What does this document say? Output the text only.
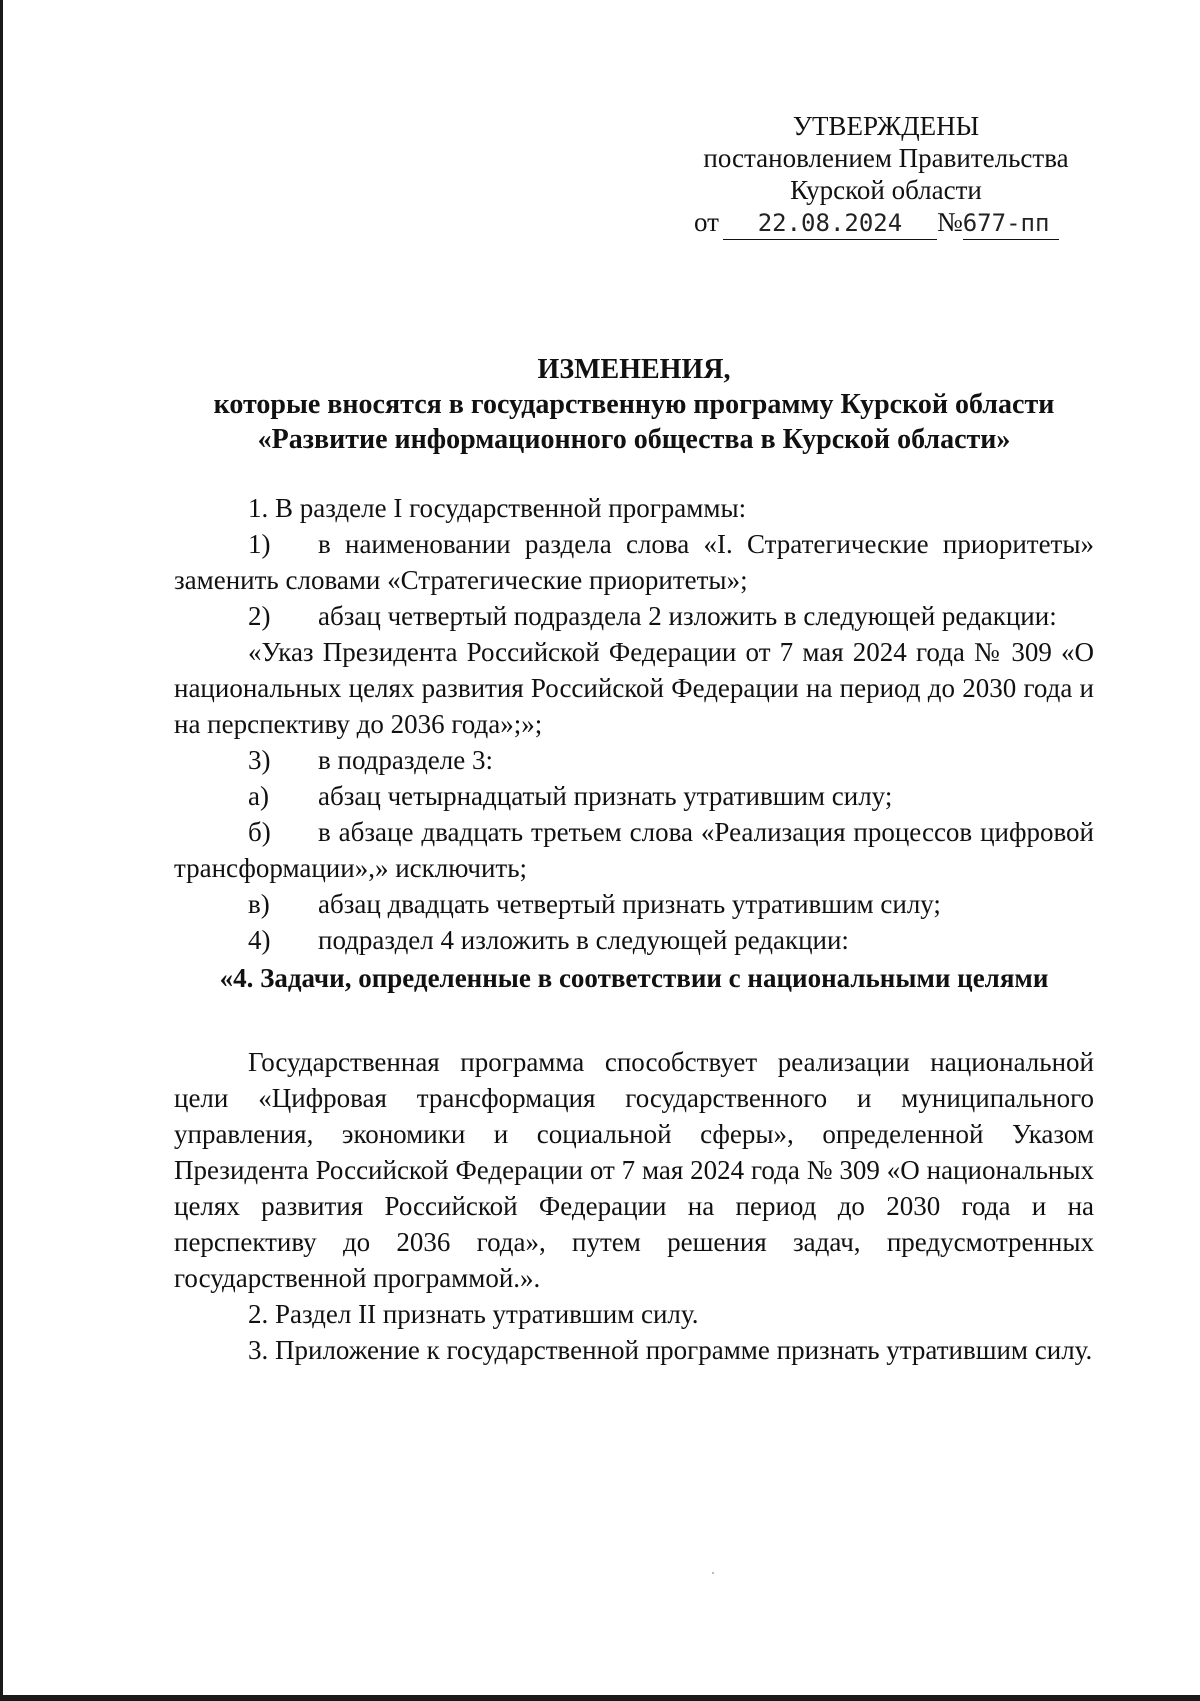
УТВЕРЖДЕНЫ
постановлением Правительства
Курской области
от 22.08.2024 №677-пп
ИЗМЕНЕНИЯ,
которые вносятся в государственную программу Курской области
«Развитие информационного общества в Курской области»

1. В разделе I государственной программы:

1) в наименовании раздела слова «I. Стратегические приоритеты» заменить словами «Стратегические приоритеты»;

2) абзац четвертый подраздела 2 изложить в следующей редакции:

«Указ Президента Российской Федерации от 7 мая 2024 года № 309 «О национальных целях развития Российской Федерации на период до 2030 года и на перспективу до 2036 года»;»;

3) в подразделе 3:

а) абзац четырнадцатый признать утратившим силу;

б) в абзаце двадцать третьем слова «Реализация процессов цифровой трансформации»,» исключить;

в) абзац двадцать четвертый признать утратившим силу;

4) подраздел 4 изложить в следующей редакции:

«4. Задачи, определенные в соответствии с национальными целями

Государственная программа способствует реализации национальной цели «Цифровая трансформация государственного и муниципального управления, экономики и социальной сферы», определенной Указом Президента Российской Федерации от 7 мая 2024 года № 309 «О национальных целях развития Российской Федерации на период до 2030 года и на перспективу до 2036 года», путем решения задач, предусмотренных государственной программой.».

2. Раздел II признать утратившим силу.

3. Приложение к государственной программе признать утратившим силу.
